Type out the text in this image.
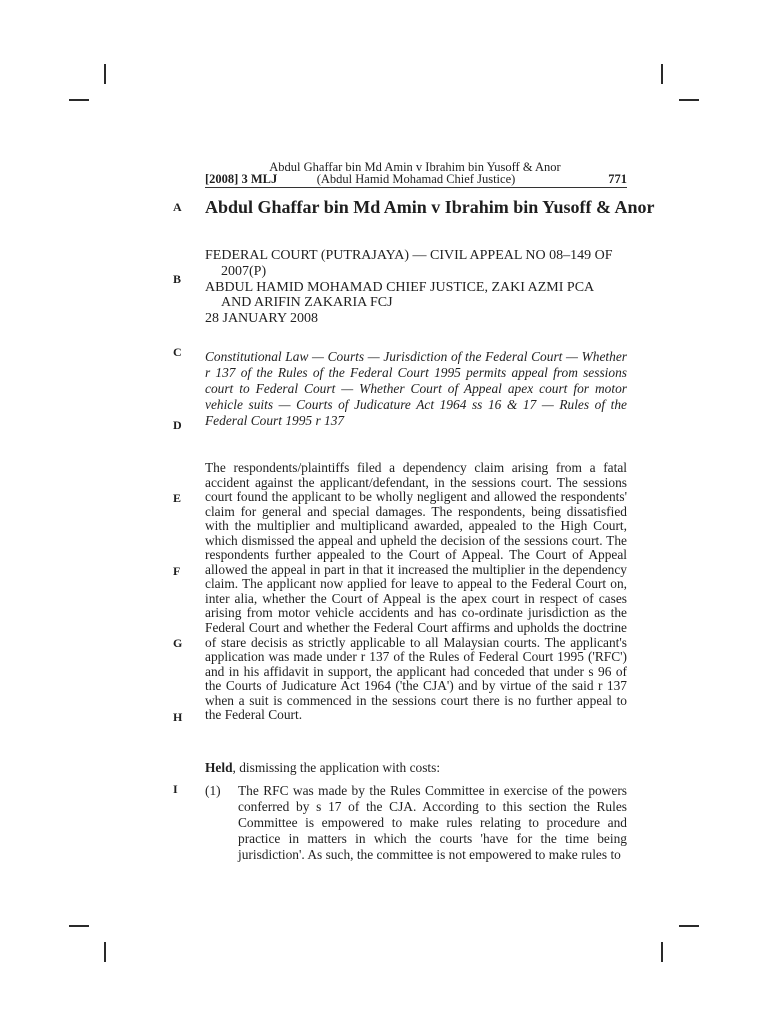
Abdul Ghaffar bin Md Amin v Ibrahim bin Yusoff & Anor
[2008] 3 MLJ	(Abdul Hamid Mohamad Chief Justice)	771
A
B
C
D
E
F
G
H
I
Abdul Ghaffar bin Md Amin v Ibrahim bin Yusoff & Anor
FEDERAL COURT (PUTRAJAYA) — CIVIL APPEAL NO 08–149 OF
2007(P)
ABDUL HAMID MOHAMAD CHIEF JUSTICE, ZAKI AZMI PCA
AND ARIFIN ZAKARIA FCJ
28 JANUARY 2008
Constitutional Law — Courts — Jurisdiction of the Federal Court — Whether r 137 of the Rules of the Federal Court 1995 permits appeal from sessions court to Federal Court — Whether Court of Appeal apex court for motor vehicle suits — Courts of Judicature Act 1964 ss 16 & 17 — Rules of the Federal Court 1995 r 137
The respondents/plaintiffs filed a dependency claim arising from a fatal accident against the applicant/defendant, in the sessions court. The sessions court found the applicant to be wholly negligent and allowed the respondents' claim for general and special damages. The respondents, being dissatisfied with the multiplier and multiplicand awarded, appealed to the High Court, which dismissed the appeal and upheld the decision of the sessions court. The respondents further appealed to the Court of Appeal. The Court of Appeal allowed the appeal in part in that it increased the multiplier in the dependency claim. The applicant now applied for leave to appeal to the Federal Court on, inter alia, whether the Court of Appeal is the apex court in respect of cases arising from motor vehicle accidents and has co-ordinate jurisdiction as the Federal Court and whether the Federal Court affirms and upholds the doctrine of stare decisis as strictly applicable to all Malaysian courts. The applicant's application was made under r 137 of the Rules of Federal Court 1995 ('RFC') and in his affidavit in support, the applicant had conceded that under s 96 of the Courts of Judicature Act 1964 ('the CJA') and by virtue of the said r 137 when a suit is commenced in the sessions court there is no further appeal to the Federal Court.
Held, dismissing the application with costs:
(1) The RFC was made by the Rules Committee in exercise of the powers conferred by s 17 of the CJA. According to this section the Rules Committee is empowered to make rules relating to procedure and practice in matters in which the courts 'have for the time being jurisdiction'. As such, the committee is not empowered to make rules to
